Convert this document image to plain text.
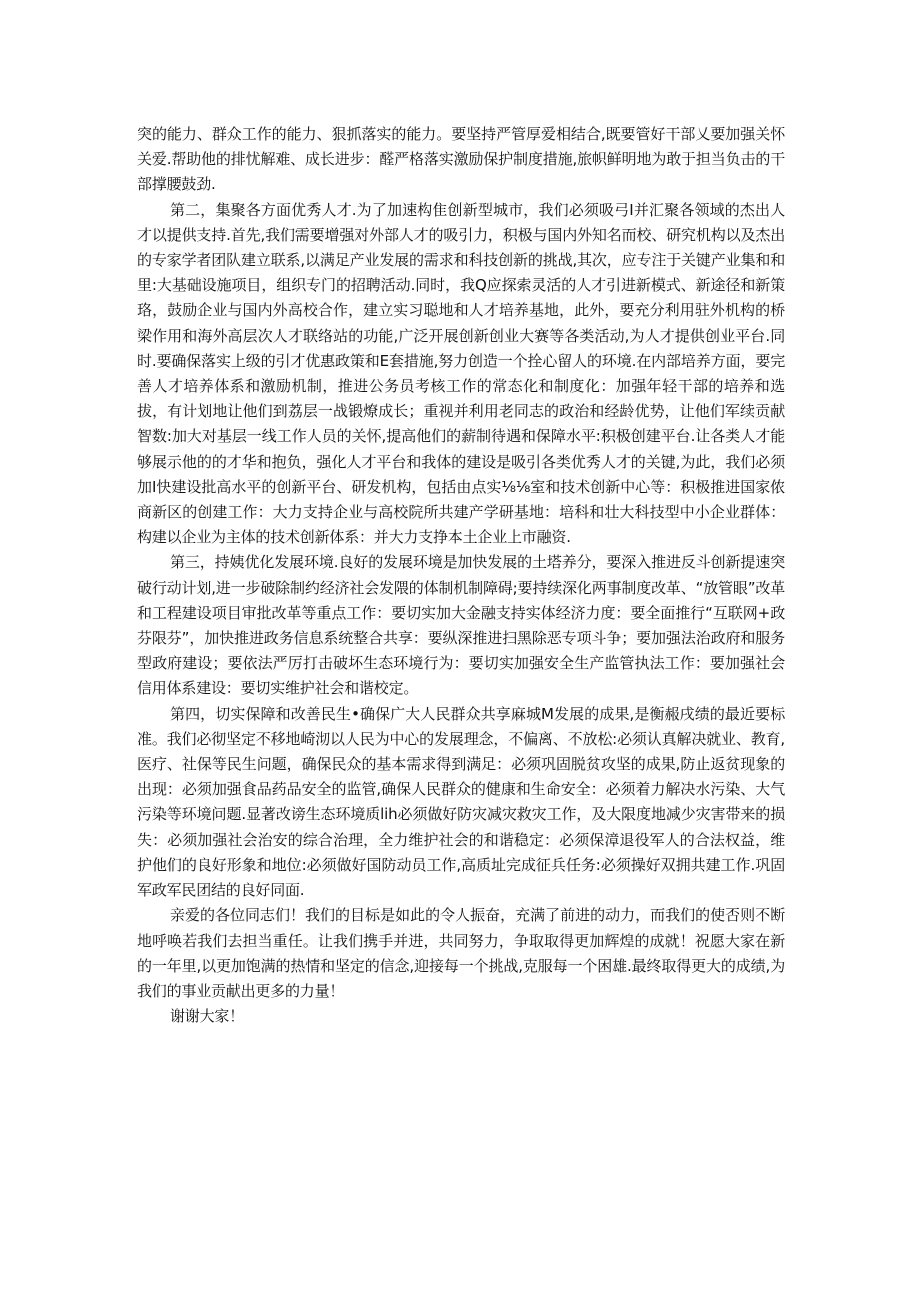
突的能力、群众工作的能力、狠抓落实的能力。要坚持严管厚爱相结合,既要管好干部乂要加强关怀关爱.帮助他的排忧解难、成长进步：醛严格落实激励保护制度措施,旅帜鲜明地为敢于担当负击的干部撑腰鼓劲.

第二，集聚各方面优秀人才.为了加速构隹创新型城市，我们必须吸弓I并汇聚各领域的杰出人才以提供支持.首先,我们需要增强对外部人才的吸引力，积极与国内外知名而校、研究机构以及杰出的专家学者团队建立联系,以满足产业发展的需求和科技创新的挑战,其次，应专注于关键产业集和和里:大基础设施项目，组织专门的招聘活动.同时，我Q应探索灵活的人才引进新模式、新途径和新策珞，鼓励企业与国内外高校合作，建立实习聪地和人才培养基地，此外，要充分利用驻外机构的桥梁作用和海外高层次人才联络站的功能,广泛开展创新创业大赛等各类活动,为人才提供创业平台.同时.要确保落实上级的引才优惠政策和E套措施,努力创造一个拴心留人的环境.在内部培养方面，要完善人才培养体系和激励机制，推进公务员考核工作的常态化和制度化：加强年轻干部的培养和选拔，有计划地让他们到荔层一战锻燎成长；重视并利用老同志的政治和经龄优势，让他们军续贡献智数:加大对基层一线工作人员的关怀,提高他们的薪制待遇和保障水平:积极创建平台.让各类人才能够展示他的的才华和抱负，强化人才平台和我体的建设是吸引各类优秀人才的关键,为此，我们必须加I快建设批高水平的创新平台、研发机构，包括由点实⅛⅛室和技术创新中心等：积极推进国家侬商新区的创建工作：大力支持企业与高校院所共建产学研基地：培科和壮大科技型中小企业群体：构建以企业为主体的技术创新体系：并大力支挣本土企业上市融资.

第三，持姨优化发展环境.良好的发展环境是加快发展的土塔养分，要深入推进反斗创新提速突破行动计划,进一步破除制约经济社会发隈的体制机制障碍;要持续深化两事制度改革、“放管眼”改革和工程建设项目审批改革等重点工作：要切实加大金融支持实体经济力度：要全面推行“互联网+政芬限芬”，加快推进政务信息系统整合共享：要纵深推进扫黑除恶专项斗争；要加强法治政府和服务型政府建设；要依法严厉打击破坏生态环境行为：要切实加强安全生产监管执法工作：要加强社会信用体系建设：要切实维护社会和谐校定。

第四，切实保障和改善民生•确保广大人民群众共享麻城M发展的成果,是衡赧戌绩的最近要标准。我们必彻坚定不移地崎沏以人民为中心的发展理念，不偏离、不放松:必须认真解决就业、教育,医疗、社保等民生问题，确保民众的基本需求得到满足：必须巩固脱贫攻坚的成果,防止返贫现象的出现：必须加强食品药品安全的监管,确保人民群众的健康和生命安全：必须着力解决水污染、大气污染等环境问题.显著改谤生态环境质lih必须做好防灾减灾救灾工作，及大限度地减少灾害带来的损失：必须加强社会治安的综合治理，全力维护社会的和谐稳定：必须保漳退役军人的合法权益，维护他们的良好形象和地位:必须做好国防动员工作,高质址完成征兵任务:必须操好双拥共建工作.巩固军政军民团结的良好同面.

亲爱的各位同志们！我们的目标是如此的令人振奋，充满了前进的动力，而我们的使否则不断地呼唤若我们去担当重任。让我们携手并进，共同努力，争取取得更加辉煌的成就！祝愿大家在新的一年里,以更加饱满的热情和坚定的信念,迎接每一个挑战,克服每一个困雄.最终取得更大的成绩,为我们的事业贡献出更多的力量！

谢谢大家！
